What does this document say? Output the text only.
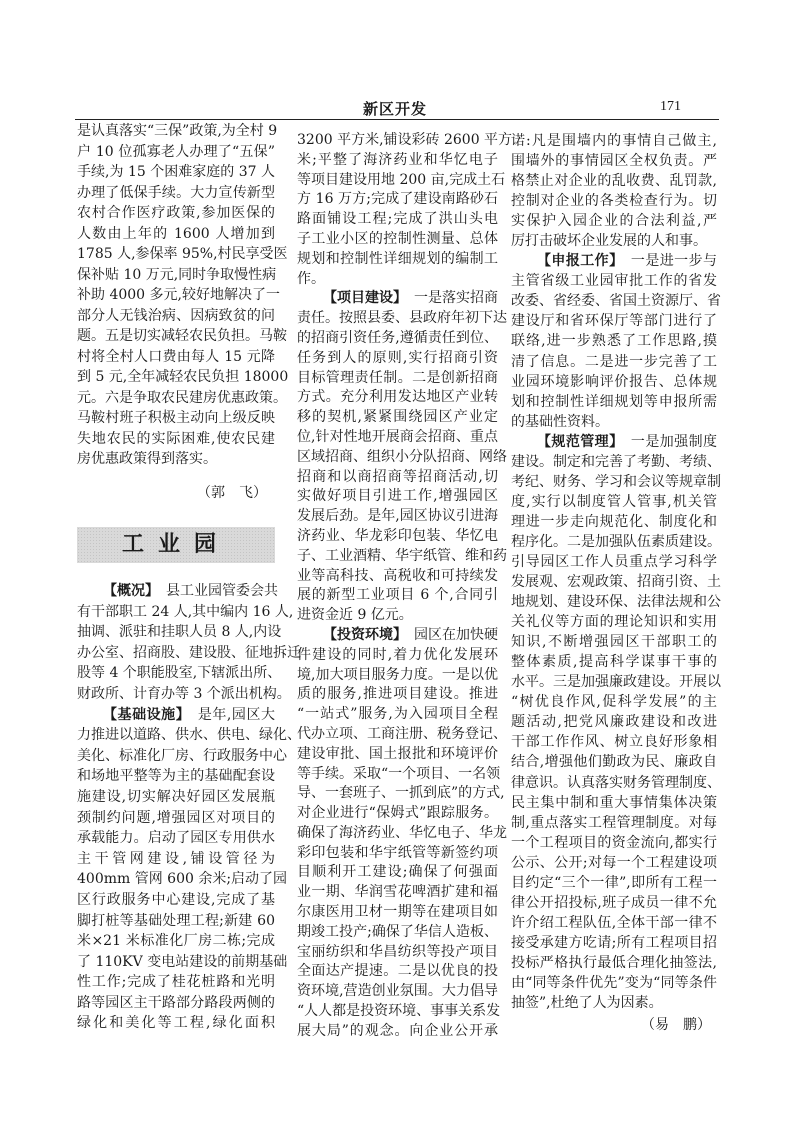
新区开发	171
是认真落实“三保”政策,为全村 9
户 10 位孤寡老人办理了“五保”
手续,为 15 个困难家庭的 37 人
办理了低保手续。大力宣传新型
农村合作医疗政策,参加医保的
人数由上年的 1600 人增加到
1785 人,参保率 95%,村民享受医
保补贴 10 万元,同时争取慢性病
补助 4000 多元,较好地解决了一
部分人无钱治病、因病致贫的问
题。五是切实减轻农民负担。马鞍
村将全村人口费由每人 15 元降
到 5 元,全年减轻农民负担 18000
元。六是争取农民建房优惠政策。
马鞍村班子积极主动向上级反映
失地农民的实际困难,使农民建
房优惠政策得到落实。
（郭　飞）
工业园
【概况】　县工业园管委会共
有干部职工 24 人,其中编内 16 人,
抽调、派驻和挂职人员 8 人,内设
办公室、招商股、建设股、征地拆迁
股等 4 个职能股室,下辖派出所、
财政所、计育办等 3 个派出机构。
【基础设施】　是年,园区大
力推进以道路、供水、供电、绿化、
美化、标准化厂房、行政服务中心
和场地平整等为主的基础配套设
施建设,切实解决好园区发展瓶
颈制约问题,增强园区对项目的
承载能力。启动了园区专用供水
主干管网建设,铺设管径为
400mm 管网 600 余米;启动了园
区行政服务中心建设,完成了基
脚打桩等基础处理工程;新建 60
米×21 米标准化厂房二栋;完成
了 110KV 变电站建设的前期基础
性工作;完成了桂花桩路和光明
路等园区主干路部分路段两侧的
绿化和美化等工程,绿化面积
3200 平方米,铺设彩砖 2600 平方
米;平整了海济药业和华忆电子
等项目建设用地 200 亩,完成土石
方 16 万方;完成了建设南路砂石
路面铺设工程;完成了洪山头电
子工业小区的控制性测量、总体
规划和控制性详细规划的编制工
作。
【项目建设】　一是落实招商
责任。按照县委、县政府年初下达
的招商引资任务,遵循责任到位、
任务到人的原则,实行招商引资
目标管理责任制。二是创新招商
方式。充分利用发达地区产业转
移的契机,紧紧围绕园区产业定
位,针对性地开展商会招商、重点
区域招商、组织小分队招商、网络
招商和以商招商等招商活动,切
实做好项目引进工作,增强园区
发展后劲。是年,园区协议引进海
济药业、华龙彩印包装、华忆电
子、工业酒精、华宇纸管、维和药
业等高科技、高税收和可持续发
展的新型工业项目 6 个,合同引
进资金近 9 亿元。
【投资环境】　园区在加快硬
件建设的同时,着力优化发展环
境,加大项目服务力度。一是以优
质的服务,推进项目建设。推进
“一站式”服务,为入园项目全程
代办立项、工商注册、税务登记、
建设审批、国土报批和环境评价
等手续。采取“一个项目、一名领
导、一套班子、一抓到底”的方式,
对企业进行“保姆式”跟踪服务。
确保了海济药业、华忆电子、华龙
彩印包装和华宇纸管等新签约项
目顺利开工建设;确保了何强面
业一期、华润雪花啤酒扩建和福
尔康医用卫材一期等在建项目如
期竣工投产;确保了华信人造板、
宝丽纺织和华昌纺织等投产项目
全面达产提速。二是以优良的投
资环境,营造创业氛围。大力倡导
“人人都是投资环境、事事关系发
展大局”的观念。向企业公开承
诺:凡是围墙内的事情自己做主,
围墙外的事情园区全权负责。严
格禁止对企业的乱收费、乱罚款,
控制对企业的各类检查行为。切
实保护入园企业的合法利益,严
厉打击破坏企业发展的人和事。
【申报工作】　一是进一步与
主管省级工业园审批工作的省发
改委、省经委、省国土资源厅、省
建设厅和省环保厅等部门进行了
联络,进一步熟悉了工作思路,摸
清了信息。二是进一步完善了工
业园环境影响评价报告、总体规
划和控制性详细规划等申报所需
的基础性资料。
【规范管理】　一是加强制度
建设。制定和完善了考勤、考绩、
考纪、财务、学习和会议等规章制
度,实行以制度管人管事,机关管
理进一步走向规范化、制度化和
程序化。二是加强队伍素质建设。
引导园区工作人员重点学习科学
发展观、宏观政策、招商引资、土
地规划、建设环保、法律法规和公
关礼仪等方面的理论知识和实用
知识,不断增强园区干部职工的
整体素质,提高科学谋事干事的
水平。三是加强廉政建设。开展以
“树优良作风,促科学发展”的主
题活动,把党风廉政建设和改进
干部工作作风、树立良好形象相
结合,增强他们勤政为民、廉政自
律意识。认真落实财务管理制度、
民主集中制和重大事情集体决策
制,重点落实工程管理制度。对每
一个工程项目的资金流向,都实行
公示、公开;对每一个工程建设项
目约定“三个一律”,即所有工程一
律公开招投标,班子成员一律不允
许介绍工程队伍,全体干部一律不
接受承建方吃请;所有工程项目招
投标严格执行最低合理化抽签法,
由“同等条件优先”变为“同等条件
抽签”,杜绝了人为因素。
（易　鹏）
